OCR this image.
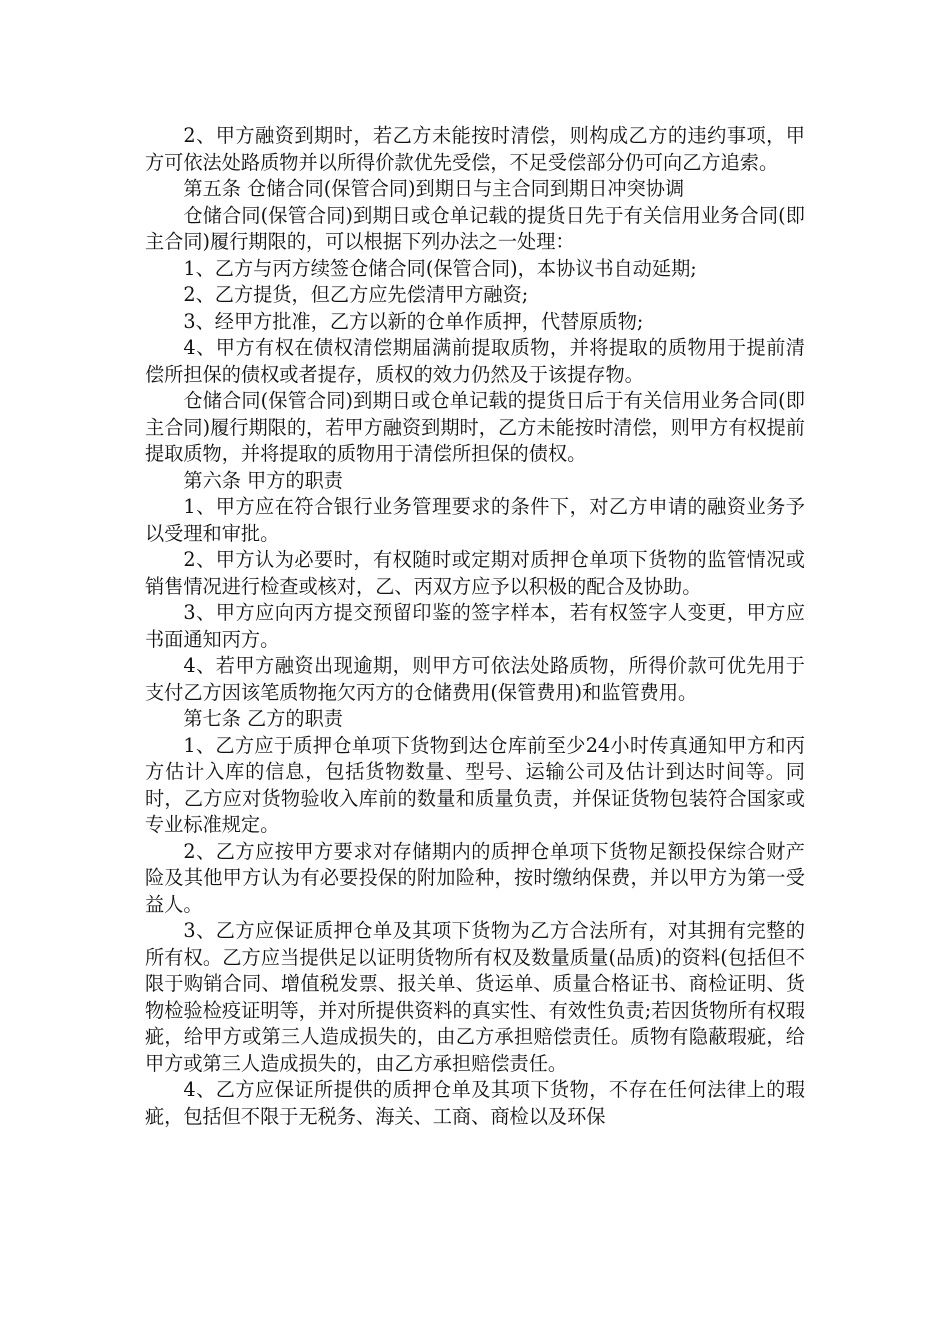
2、甲方融资到期时，若乙方未能按时清偿，则构成乙方的违约事项，甲方可依法处路质物并以所得价款优先受偿，不足受偿部分仍可向乙方追索。

第五条 仓储合同(保管合同)到期日与主合同到期日冲突协调

仓储合同(保管合同)到期日或仓单记载的提货日先于有关信用业务合同(即主合同)履行期限的，可以根据下列办法之一处理：

1、乙方与丙方续签仓储合同(保管合同)，本协议书自动延期;

2、乙方提货，但乙方应先偿清甲方融资;

3、经甲方批准，乙方以新的仓单作质押，代替原质物;

4、甲方有权在债权清偿期届满前提取质物，并将提取的质物用于提前清偿所担保的债权或者提存，质权的效力仍然及于该提存物。

仓储合同(保管合同)到期日或仓单记载的提货日后于有关信用业务合同(即主合同)履行期限的，若甲方融资到期时，乙方未能按时清偿，则甲方有权提前提取质物，并将提取的质物用于清偿所担保的债权。

第六条 甲方的职责

1、甲方应在符合银行业务管理要求的条件下，对乙方申请的融资业务予以受理和审批。

2、甲方认为必要时，有权随时或定期对质押仓单项下货物的监管情况或销售情况进行检查或核对，乙、丙双方应予以积极的配合及协助。

3、甲方应向丙方提交预留印鉴的签字样本，若有权签字人变更，甲方应书面通知丙方。

4、若甲方融资出现逾期，则甲方可依法处路质物，所得价款可优先用于支付乙方因该笔质物拖欠丙方的仓储费用(保管费用)和监管费用。

第七条 乙方的职责

1、乙方应于质押仓单项下货物到达仓库前至少24小时传真通知甲方和丙方估计入库的信息，包括货物数量、型号、运输公司及估计到达时间等。同时，乙方应对货物验收入库前的数量和质量负责，并保证货物包装符合国家或专业标准规定。

2、乙方应按甲方要求对存储期内的质押仓单项下货物足额投保综合财产险及其他甲方认为有必要投保的附加险种，按时缴纳保费，并以甲方为第一受益人。

3、乙方应保证质押仓单及其项下货物为乙方合法所有，对其拥有完整的所有权。乙方应当提供足以证明货物所有权及数量质量(品质)的资料(包括但不限于购销合同、增值税发票、报关单、货运单、质量合格证书、商检证明、货物检验检疫证明等，并对所提供资料的真实性、有效性负责;若因货物所有权瑕疵，给甲方或第三人造成损失的，由乙方承担赔偿责任。质物有隐蔽瑕疵，给甲方或第三人造成损失的，由乙方承担赔偿责任。

4、乙方应保证所提供的质押仓单及其项下货物，不存在任何法律上的瑕疵，包括但不限于无税务、海关、工商、商检以及环保
